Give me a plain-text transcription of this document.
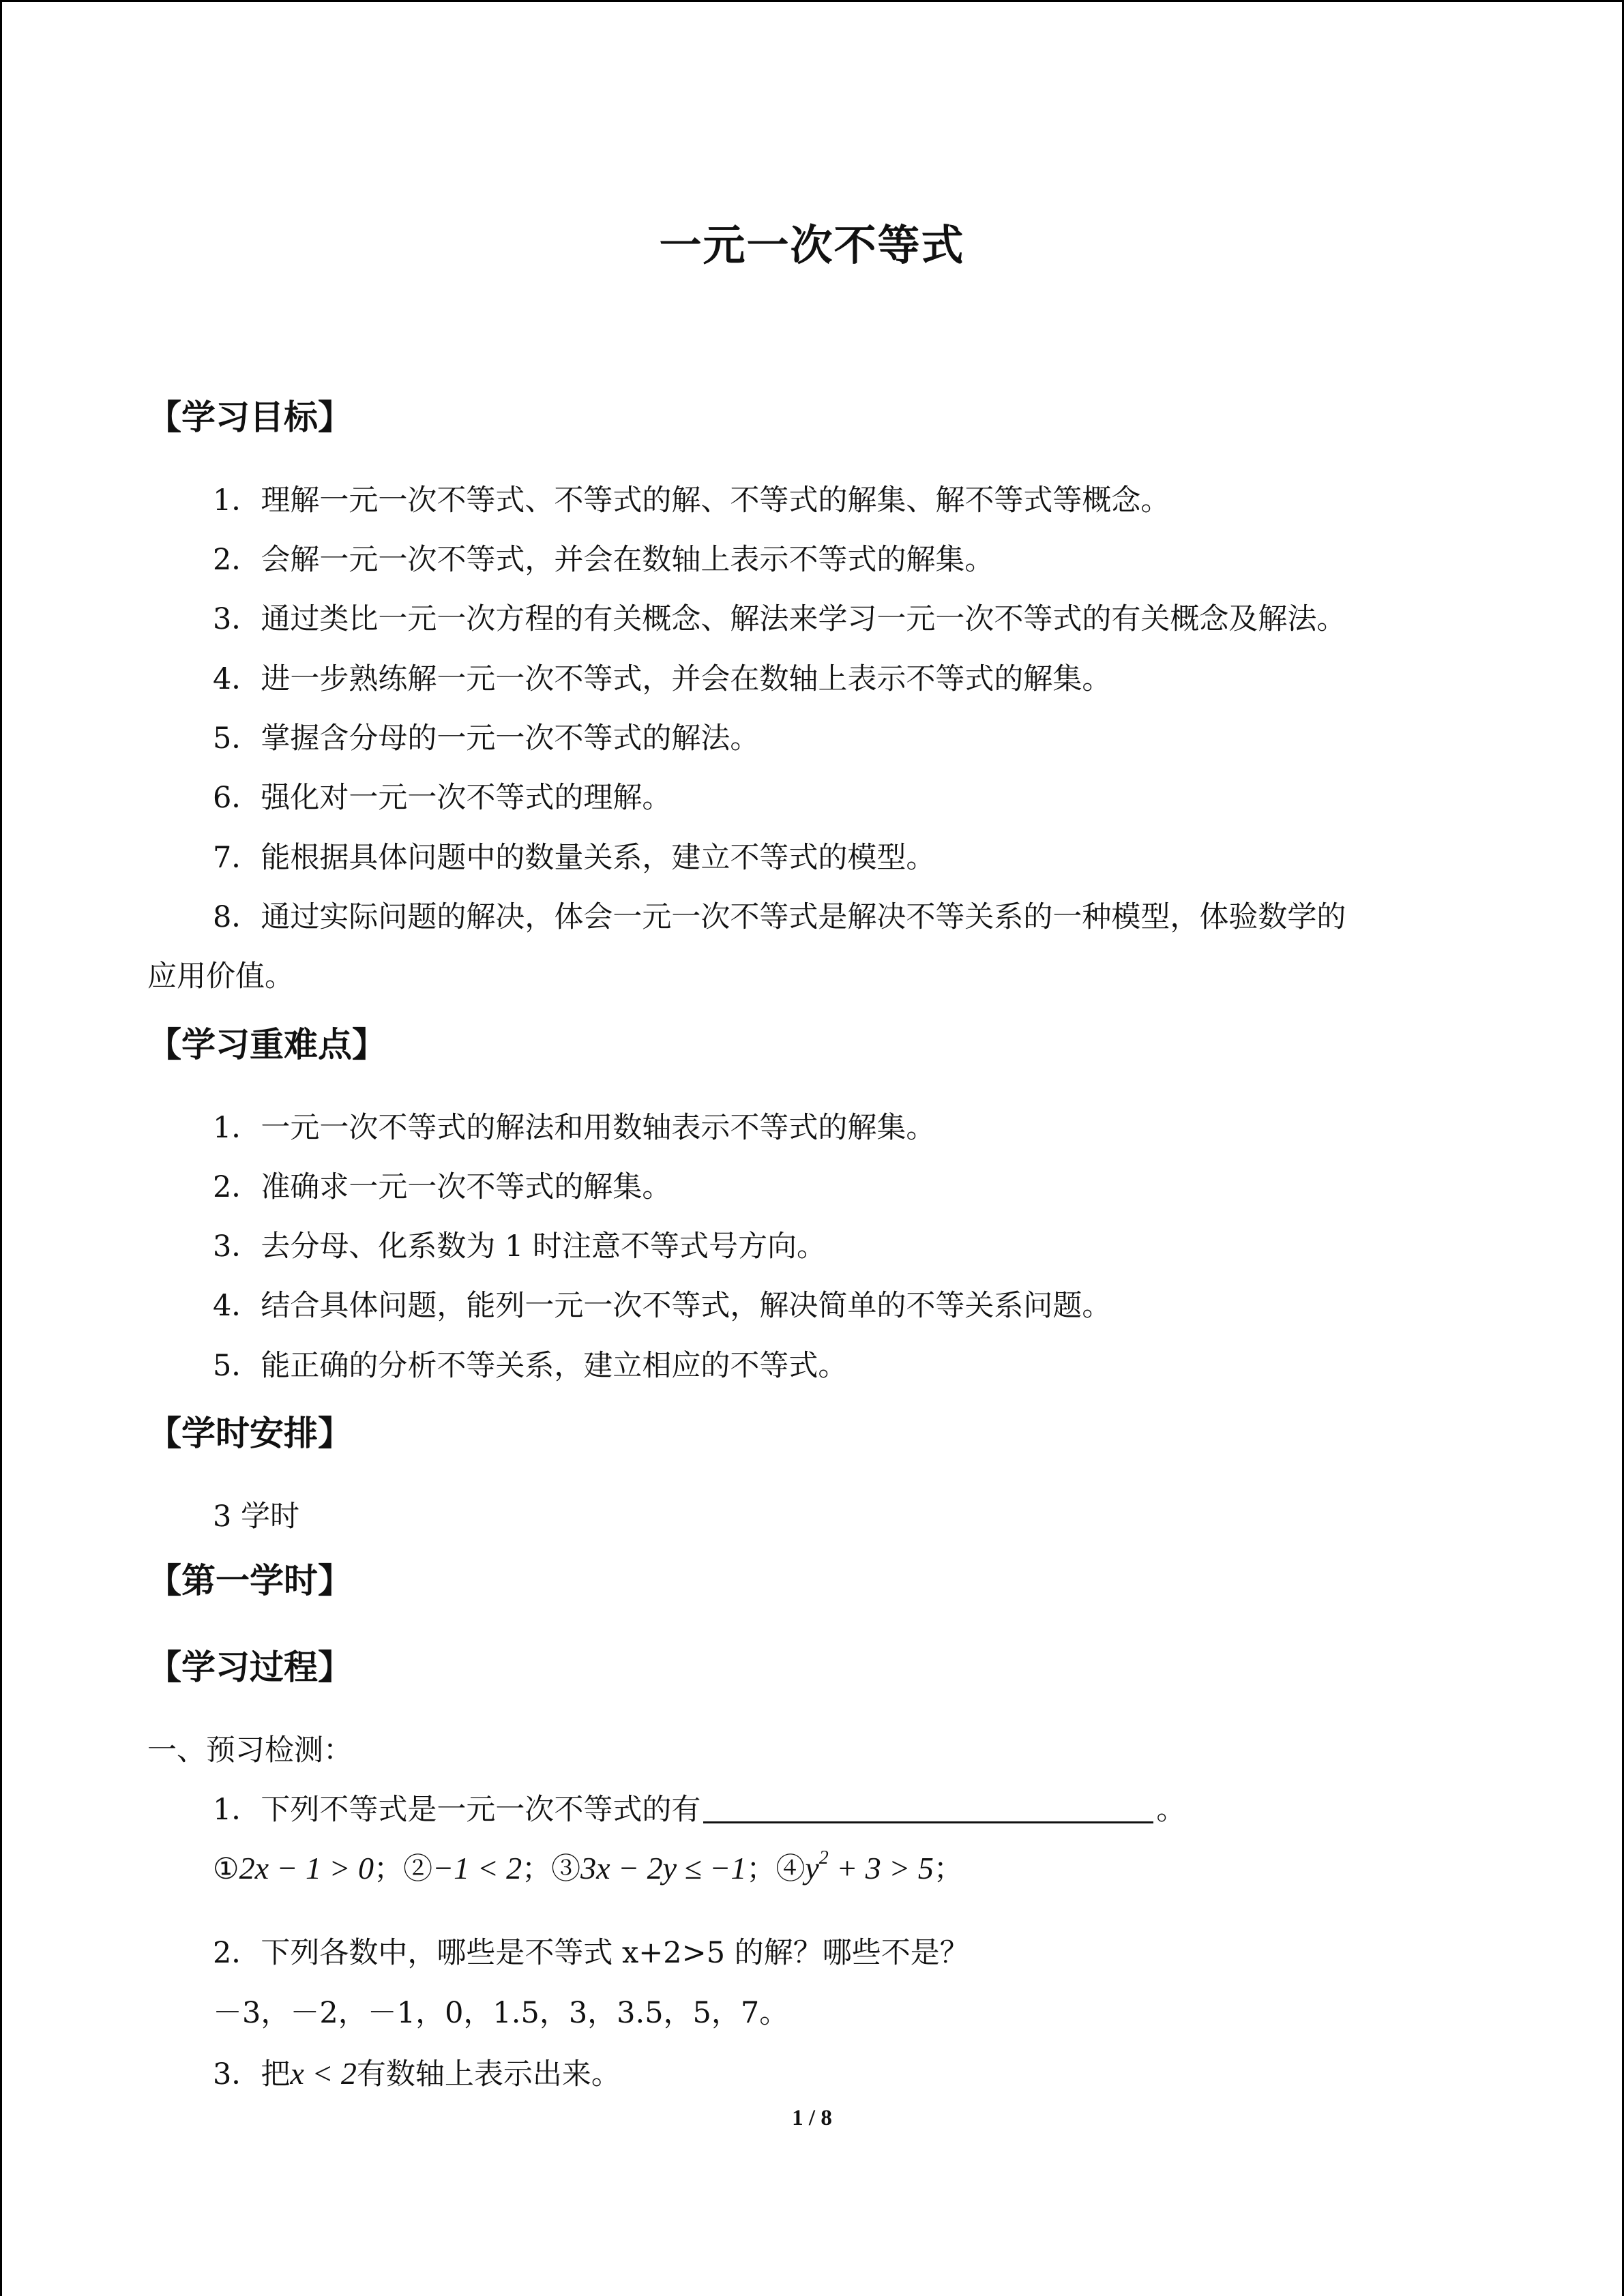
一元一次不等式
【学习目标】
1．理解一元一次不等式、不等式的解、不等式的解集、解不等式等概念。
2．会解一元一次不等式，并会在数轴上表示不等式的解集。
3．通过类比一元一次方程的有关概念、解法来学习一元一次不等式的有关概念及解法。
4．进一步熟练解一元一次不等式，并会在数轴上表示不等式的解集。
5．掌握含分母的一元一次不等式的解法。
6．强化对一元一次不等式的理解。
7．能根据具体问题中的数量关系，建立不等式的模型。
8．通过实际问题的解决，体会一元一次不等式是解决不等关系的一种模型，体验数学的
应用价值。
【学习重难点】
1．一元一次不等式的解法和用数轴表示不等式的解集。
2．准确求一元一次不等式的解集。
3．去分母、化系数为 1 时注意不等式号方向。
4．结合具体问题，能列一元一次不等式，解决简单的不等关系问题。
5．能正确的分析不等关系，建立相应的不等式。
【学时安排】
3 学时
【第一学时】
【学习过程】
一、预习检测：
1．下列不等式是一元一次不等式的有	。
①2x − 1 > 0；②−1 < 2；③3x − 2y ≤ −1；$④y^2 + 3 > 5$；
2．下列各数中，哪些是不等式 x+2>5 的解？哪些不是？
－3，－2，－1，0，1.5，3，3.5，5，7。
3．把x < 2有数轴上表示出来。
1 / 8
